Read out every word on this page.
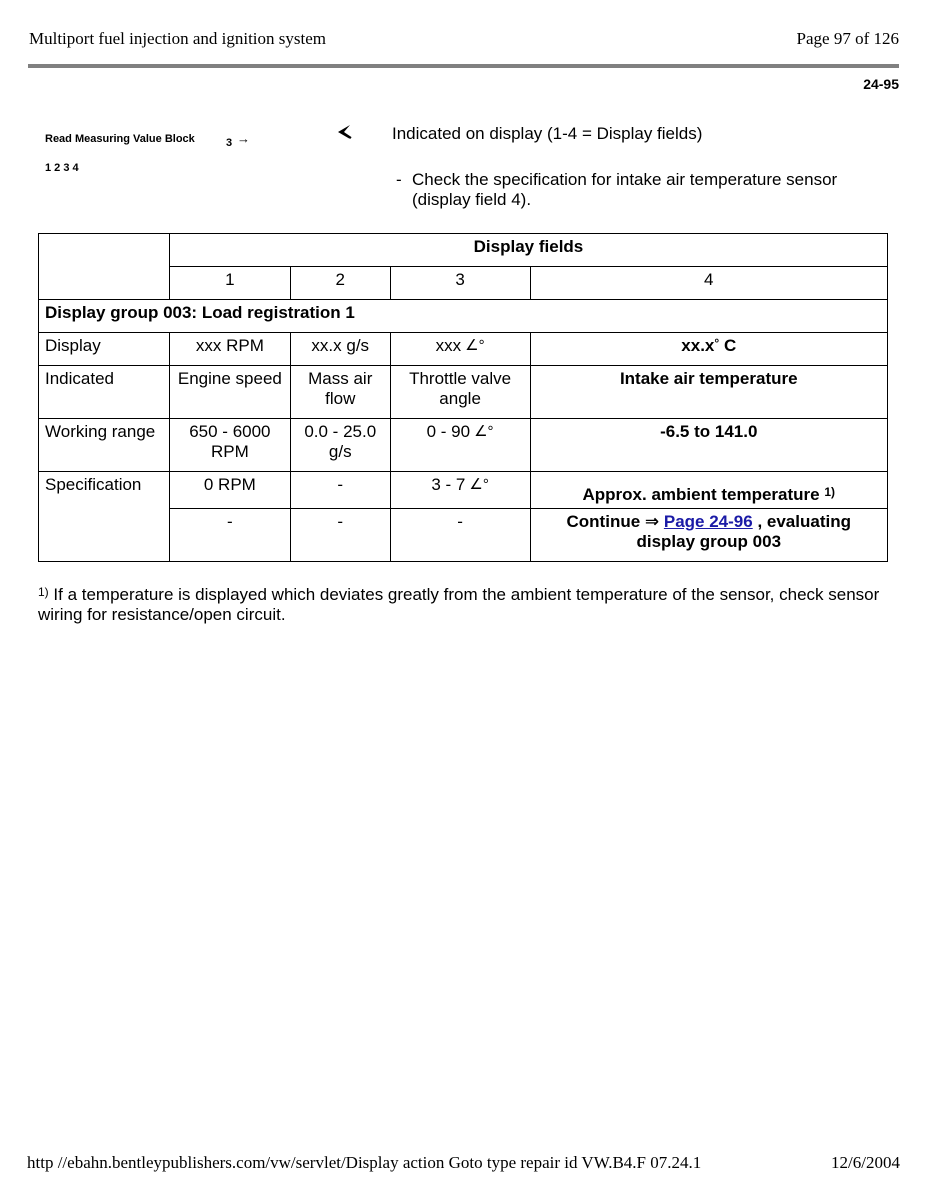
Multiport fuel injection and ignition system	Page 97 of 126
24-95
Read Measuring Value Block	3 →
1 2 3 4
Indicated on display (1-4 = Display fields)
- Check the specification for intake air temperature sensor (display field 4).
	Display fields			
	1	2	3	4
Display group 003: Load registration 1				
Display	xxx RPM	xx.x g/s	xxx ∠°	xx.x° C
Indicated	Engine speed	Mass air flow	Throttle valve angle	Intake air temperature
Working range	650 - 6000 RPM	0.0 - 25.0 g/s	0 - 90 ∠°	-6.5 to 141.0
Specification	0 RPM	-	3 - 7 ∠°	Approx. ambient temperature $^{1)}$
	-	-	-	Continue ⇒ Page 24-96 , evaluating display group 003
$^{1)}$ If a temperature is displayed which deviates greatly from the ambient temperature of the sensor, check sensor wiring for resistance/open circuit.
http //ebahn.bentleypublishers.com/vw/servlet/Display action Goto type repair id VW.B4.F 07.24.1	12/6/2004
